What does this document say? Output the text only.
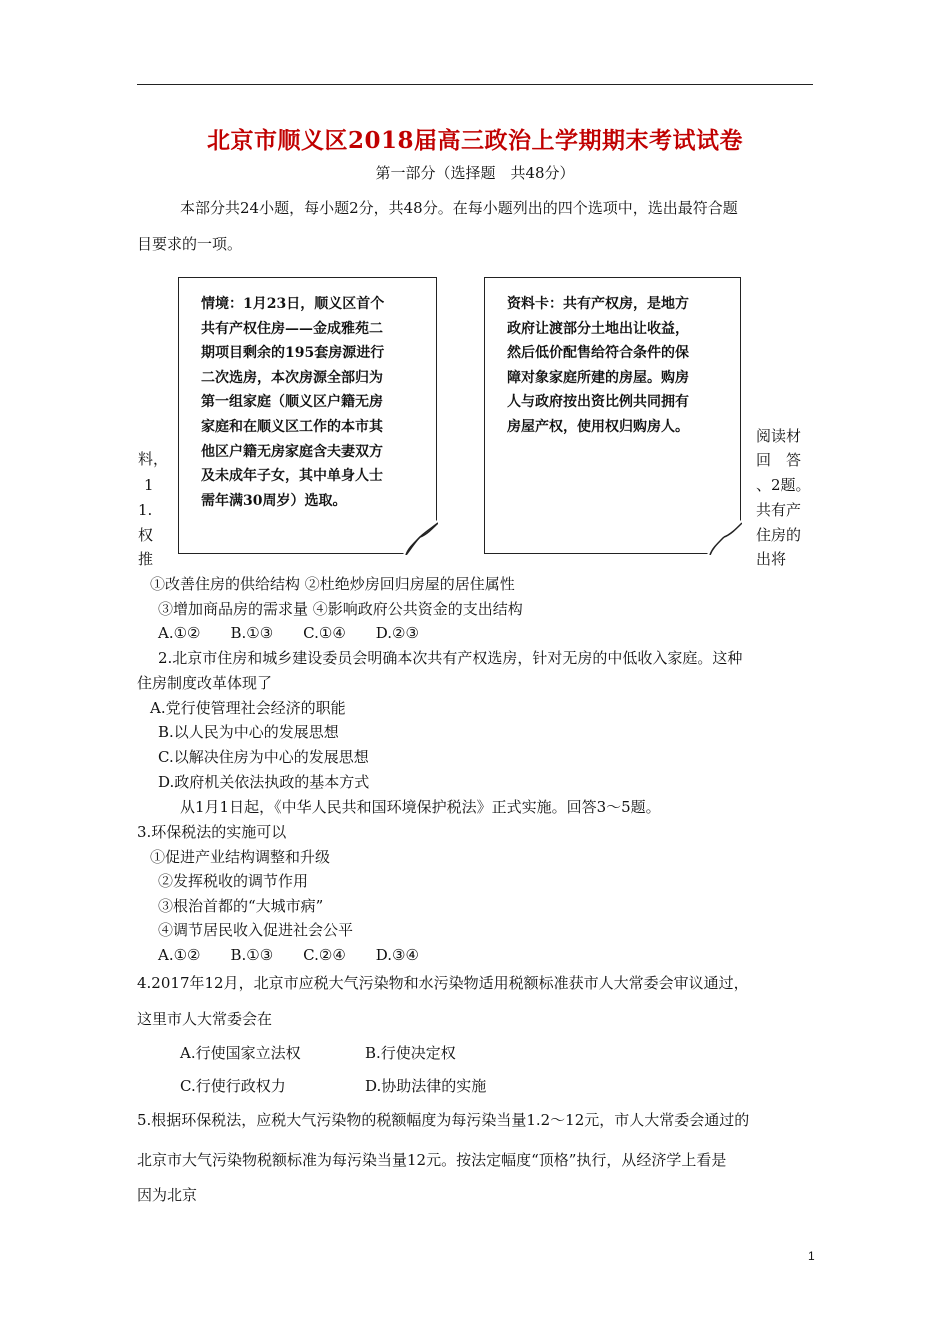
北京市顺义区2018届高三政治上学期期末考试试卷
第一部分（选择题　共48分）
本部分共24小题，每小题2分，共48分。在每小题列出的四个选项中，选出最符合题
目要求的一项。
情境：1月23日，顺义区首个
共有产权住房——金成雅苑二
期项目剩余的195套房源进行
二次选房，本次房源全部归为
第一组家庭（顺义区户籍无房
家庭和在顺义区工作的本市其
他区户籍无房家庭含夫妻双方
及未成年子女，其中单身人士
需年满30周岁）选取。
资料卡：共有产权房，是地方
政府让渡部分土地出让收益，
然后低价配售给符合条件的保
障对象家庭所建的房屋。购房
人与政府按出资比例共同拥有
房屋产权，使用权归购房人。
料，
1
1.
权
推
阅读材
回　答
、2题。
共有产
住房的
出将
①改善住房的供给结构 ②杜绝炒房回归房屋的居住属性
③增加商品房的需求量 ④影响政府公共资金的支出结构
A.①②　　B.①③　　C.①④　　D.②③
2.北京市住房和城乡建设委员会明确本次共有产权选房，针对无房的中低收入家庭。这种
住房制度改革体现了
A.党行使管理社会经济的职能
B.以人民为中心的发展思想
C.以解决住房为中心的发展思想
D.政府机关依法执政的基本方式
从1月1日起，《中华人民共和国环境保护税法》正式实施。回答3～5题。
3.环保税法的实施可以
①促进产业结构调整和升级
②发挥税收的调节作用
③根治首都的“大城市病”
④调节居民收入促进社会公平
A.①②　　B.①③　　C.②④　　D.③④
4.2017年12月，北京市应税大气污染物和水污染物适用税额标准获市人大常委会审议通过，
这里市人大常委会在
A.行使国家立法权	B.行使决定权
C.行使行政权力	D.协助法律的实施
5.根据环保税法，应税大气污染物的税额幅度为每污染当量1.2～12元，市人大常委会通过的
北京市大气污染物税额标准为每污染当量12元。按法定幅度“顶格”执行，从经济学上看是
因为北京
1
